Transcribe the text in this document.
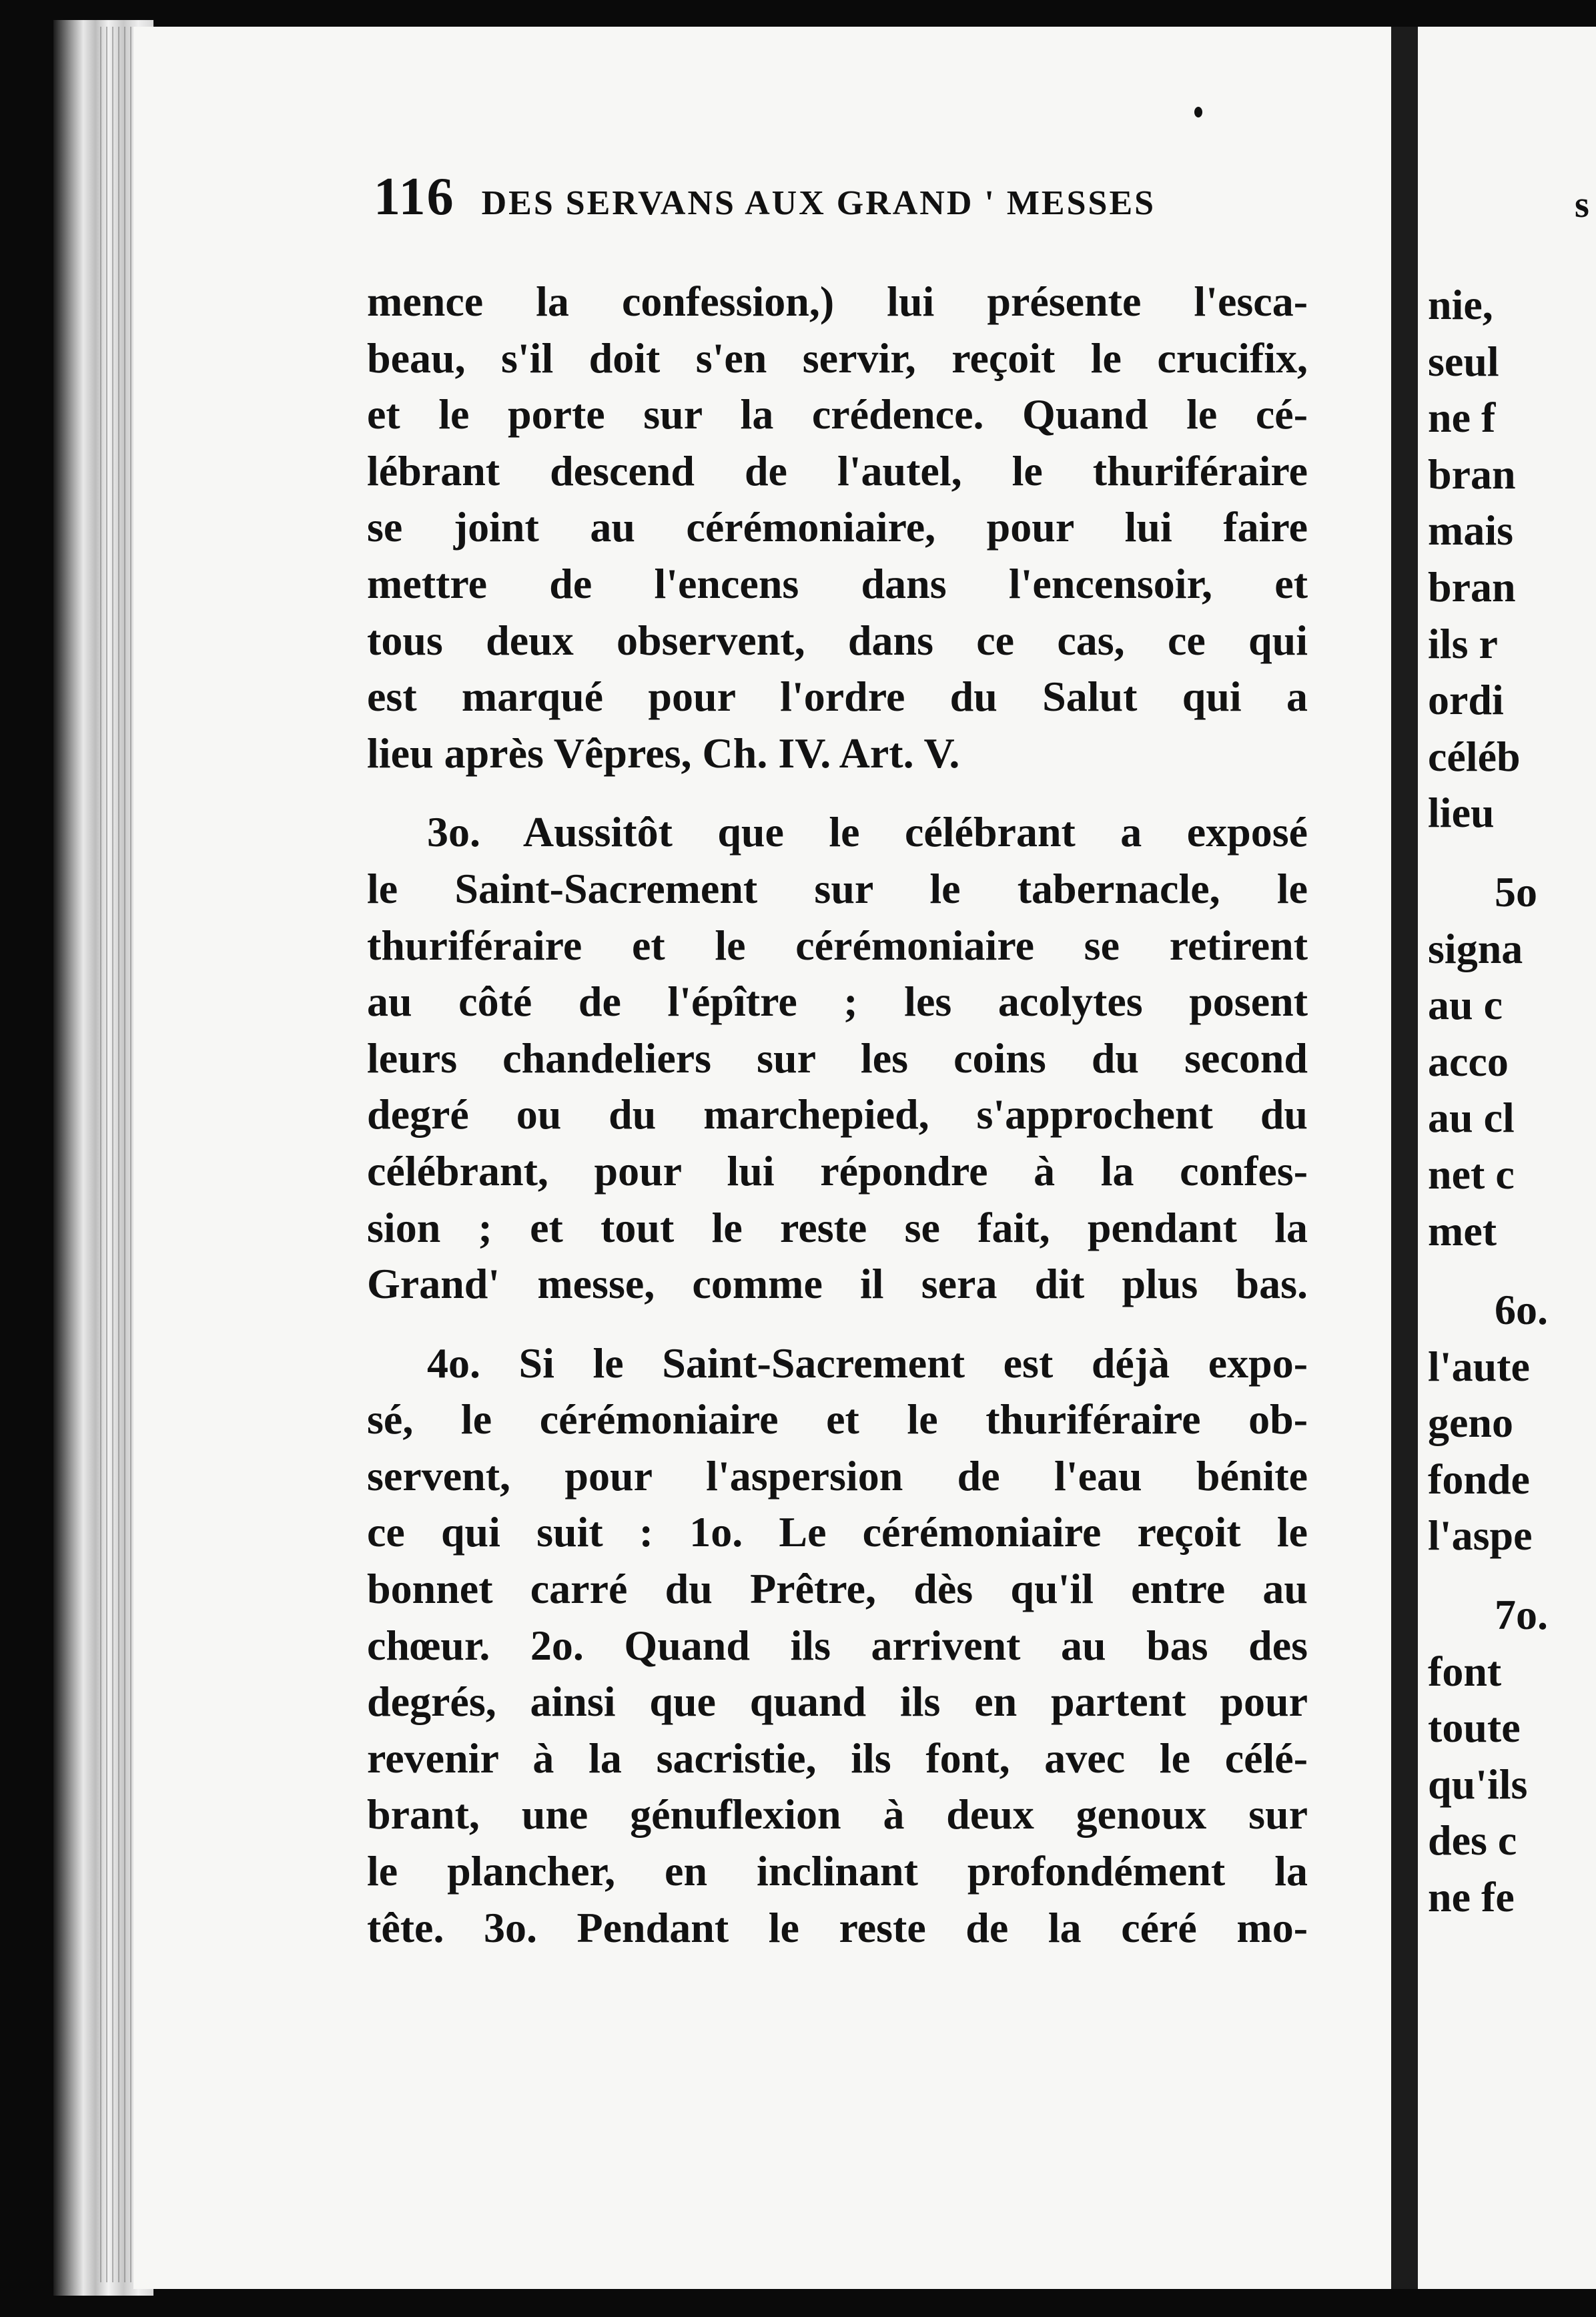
116 DES SERVANS AUX GRAND ' MESSES
mence la confession,) lui présente l'esca-
beau, s'il doit s'en servir, reçoit le crucifix,
et le porte sur la crédence. Quand le cé-
lébrant descend de l'autel, le thuriféraire
se joint au cérémoniaire, pour lui faire
mettre de l'encens dans l'encensoir, et
tous deux observent, dans ce cas, ce qui
est marqué pour l'ordre du Salut qui a
lieu après Vêpres, Ch. IV. Art. V.
3o. Aussitôt que le célébrant a exposé
le Saint-Sacrement sur le tabernacle, le
thuriféraire et le cérémoniaire se retirent
au côté de l'épître ; les acolytes posent
leurs chandeliers sur les coins du second
degré ou du marchepied, s'approchent du
célébrant, pour lui répondre à la confes-
sion ; et tout le reste se fait, pendant la
Grand' messe, comme il sera dit plus bas.
4o. Si le Saint-Sacrement est déjà expo-
sé, le cérémoniaire et le thuriféraire ob-
servent, pour l'aspersion de l'eau bénite
ce qui suit : 1o. Le cérémoniaire reçoit le
bonnet carré du Prêtre, dès qu'il entre au
chœur. 2o. Quand ils arrivent au bas des
degrés, ainsi que quand ils en partent pour
revenir à la sacristie, ils font, avec le célé-
brant, une génuflexion à deux genoux sur
le plancher, en inclinant profondément la
tête. 3o. Pendant le reste de la céré mo-
s
nie,
seul
ne f
bran
mais
bran
ils r
ordi
céléb
lieu
5o
signa
au c
acco
au cl
net c
met
6o.
l'aute
geno
fonde
l'aspe
7o.
font
toute
qu'ils
des c
ne fe
